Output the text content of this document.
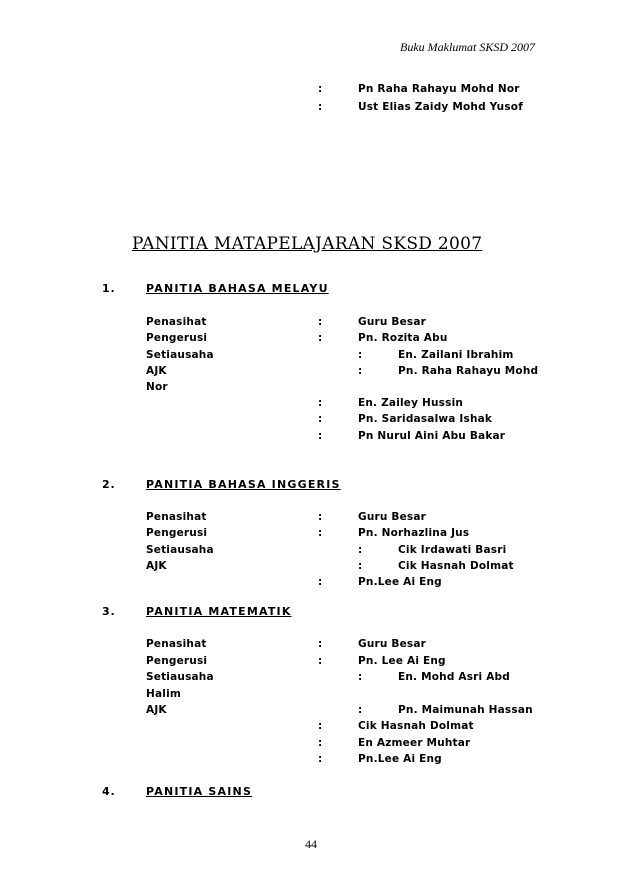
Buku Maklumat SKSD 2007
:	Pn Raha Rahayu Mohd Nor
:	Ust Elias Zaidy Mohd Yusof
PANITIA MATAPELAJARAN SKSD 2007
1.	PANITIA BAHASA MELAYU
Penasihat	:	Guru Besar
Pengerusi	:	Pn. Rozita Abu
Setiausaha	:	En. Zailani Ibrahim
AJK	:	Pn. Raha Rahayu Mohd
Nor
:	En. Zailey Hussin
:	Pn. Saridasalwa Ishak
:	Pn Nurul Aini Abu Bakar
2.	PANITIA BAHASA INGGERIS
Penasihat	:	Guru Besar
Pengerusi	:	Pn. Norhazlina Jus
Setiausaha	:	Cik Irdawati Basri
AJK	:	Cik Hasnah Dolmat
:	Pn.Lee Ai Eng
3.	PANITIA MATEMATIK
Penasihat	:	Guru Besar
Pengerusi	:	Pn. Lee Ai Eng
Setiausaha	:	En. Mohd Asri Abd
Halim
AJK	:	Pn. Maimunah Hassan
:	Cik Hasnah Dolmat
:	En Azmeer Muhtar
:	Pn.Lee Ai Eng
4.	PANITIA SAINS
44
